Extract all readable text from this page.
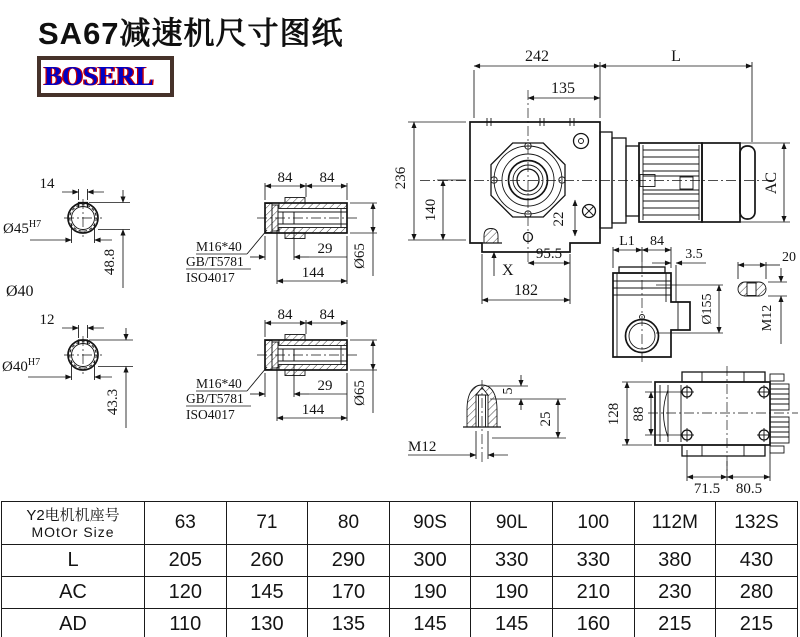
14
$Ø45^{H7}$
48.8
Ø40
12
$Ø40^{H7}$
43.3
84 84
29
144
Ø65
M16*40
GB/T5781
ISO4017
84 84
29
144
Ø65
M16*40
GB/T5781
ISO4017
242	L
135
236
140	22
X
95.5
182
AC
L1 84
3.5
Ø155
20
M12
M12
5
25	128 88
71.5 80.5
SA67减速机尺寸图纸
BOSERL
Y2电机机座号
MOtOr Size	63	71	80	90S	90L	100	112M	132S
L	205	260	290	300	330	330	380	430
AC	120	145	170	190	190	210	230	280
AD	110	130	135	145	145	160	215	215
